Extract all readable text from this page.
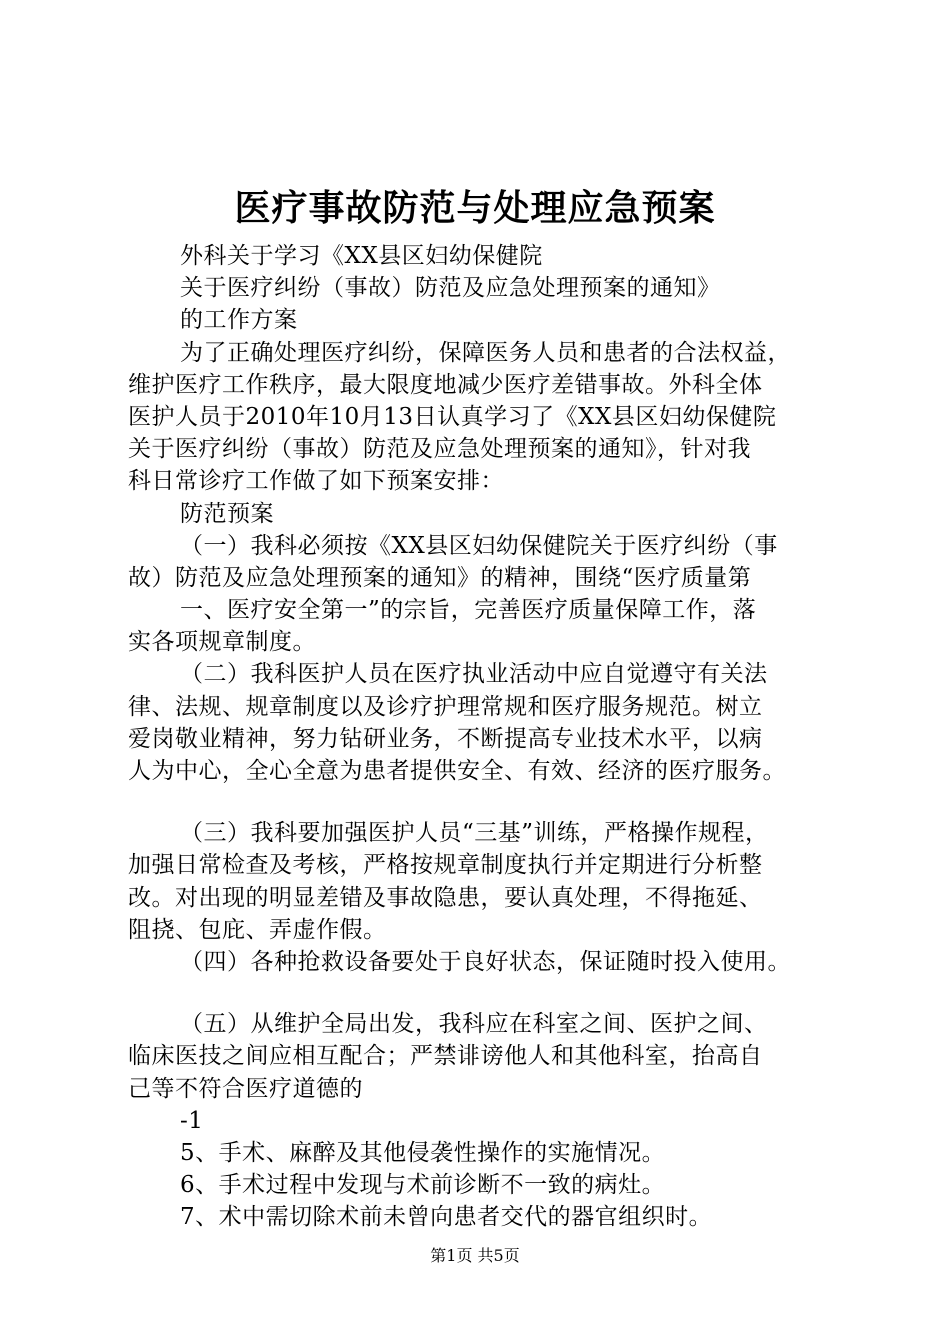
医疗事故防范与处理应急预案
外科关于学习《XX县区妇幼保健院
关于医疗纠纷（事故）防范及应急处理预案的通知》
的工作方案
为了正确处理医疗纠纷，保障医务人员和患者的合法权益，
维护医疗工作秩序，最大限度地减少医疗差错事故。外科全体
医护人员于2010年10月13日认真学习了《XX县区妇幼保健院
关于医疗纠纷（事故）防范及应急处理预案的通知》，针对我
科日常诊疗工作做了如下预案安排：
防范预案
（一）我科必须按《XX县区妇幼保健院关于医疗纠纷（事
故）防范及应急处理预案的通知》的精神，围绕“医疗质量第
一、医疗安全第一”的宗旨，完善医疗质量保障工作，落
实各项规章制度。
（二）我科医护人员在医疗执业活动中应自觉遵守有关法
律、法规、规章制度以及诊疗护理常规和医疗服务规范。树立
爱岗敬业精神，努力钻研业务，不断提高专业技术水平，以病
人为中心，全心全意为患者提供安全、有效、经济的医疗服务。
（三）我科要加强医护人员“三基”训练，严格操作规程，
加强日常检查及考核，严格按规章制度执行并定期进行分析整
改。对出现的明显差错及事故隐患，要认真处理，不得拖延、
阻挠、包庇、弄虚作假。
（四）各种抢救设备要处于良好状态，保证随时投入使用。
（五）从维护全局出发，我科应在科室之间、医护之间、
临床医技之间应相互配合；严禁诽谤他人和其他科室，抬高自
己等不符合医疗道德的
-1
5、手术、麻醉及其他侵袭性操作的实施情况。
6、手术过程中发现与术前诊断不一致的病灶。
7、术中需切除术前未曾向患者交代的器官组织时。
第1页 共5页
